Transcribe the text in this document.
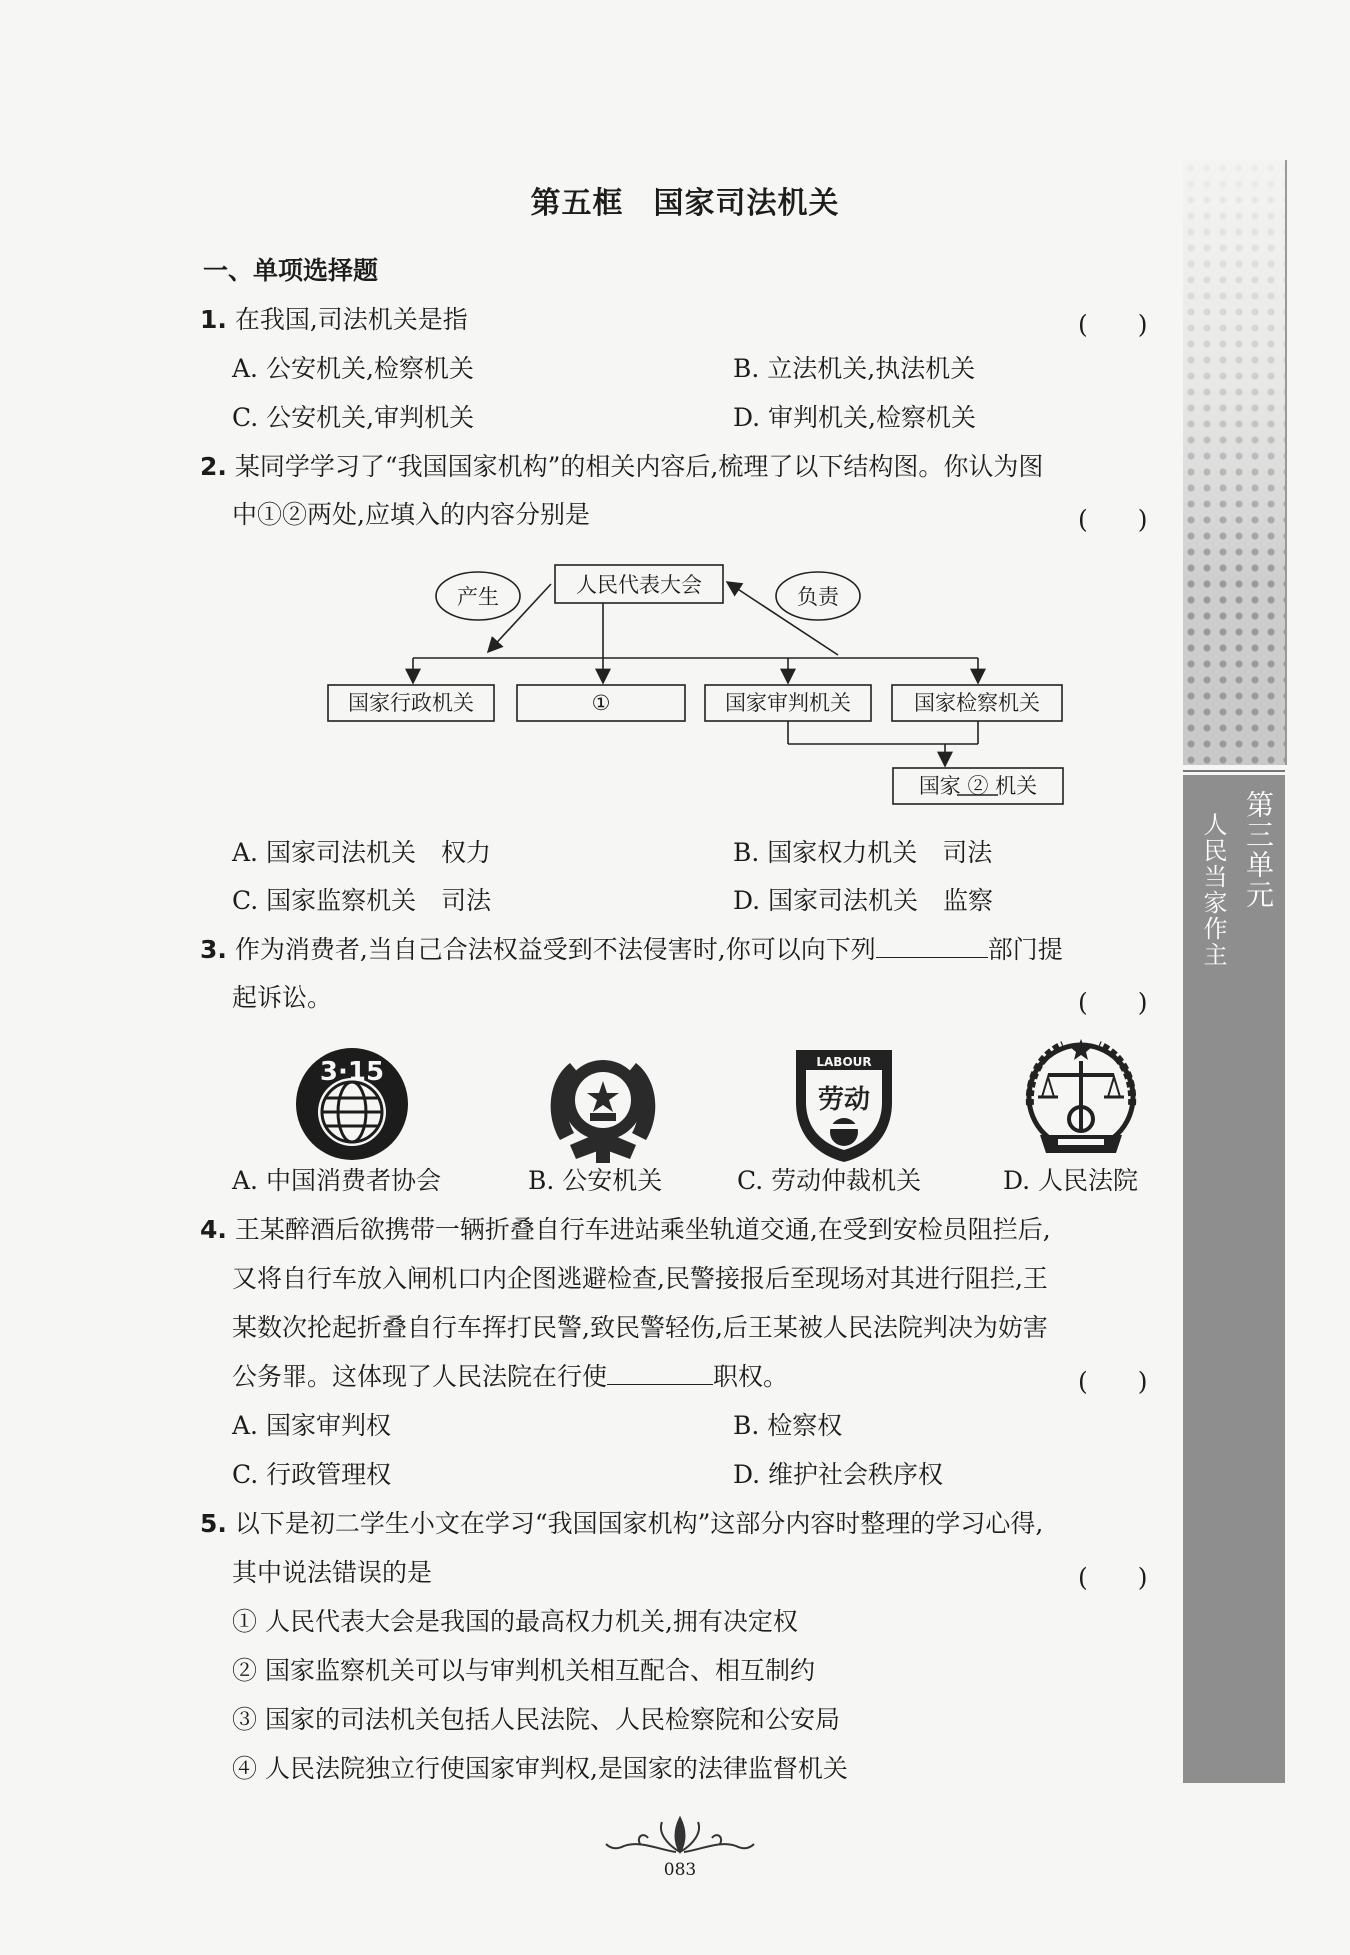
第三单元
人民当家作主
第五框 国家司法机关
一、单项选择题
1. 在我国,司法机关是指	(　　)
A. 公安机关,检察机关	B. 立法机关,执法机关
C. 公安机关,审判机关	D. 审判机关,检察机关
2. 某同学学习了“我国国家机构”的相关内容后,梳理了以下结构图。你认为图
中①②两处,应填入的内容分别是	(　　)
人民代表大会
产生	负责
国家行政机关	①	国家审判机关	国家检察机关
国家 ② 机关
A. 国家司法机关　权力	B. 国家权力机关　司法
C. 国家监察机关　司法	D. 国家司法机关　监察
3. 作为消费者,当自己合法权益受到不法侵害时,你可以向下列	部门提
起诉讼。	(　　)
3·15	LABOUR
劳动
A. 中国消费者协会	B. 公安机关	C. 劳动仲裁机关	D. 人民法院
4. 王某醉酒后欲携带一辆折叠自行车进站乘坐轨道交通,在受到安检员阻拦后,
又将自行车放入闸机口内企图逃避检查,民警接报后至现场对其进行阻拦,王
某数次抡起折叠自行车挥打民警,致民警轻伤,后王某被人民法院判决为妨害
公务罪。这体现了人民法院在行使	职权。	(　　)
A. 国家审判权	B. 检察权
C. 行政管理权	D. 维护社会秩序权
5. 以下是初二学生小文在学习“我国国家机构”这部分内容时整理的学习心得,
其中说法错误的是	(　　)
① 人民代表大会是我国的最高权力机关,拥有决定权
② 国家监察机关可以与审判机关相互配合、相互制约
③ 国家的司法机关包括人民法院、人民检察院和公安局
④ 人民法院独立行使国家审判权,是国家的法律监督机关
083
